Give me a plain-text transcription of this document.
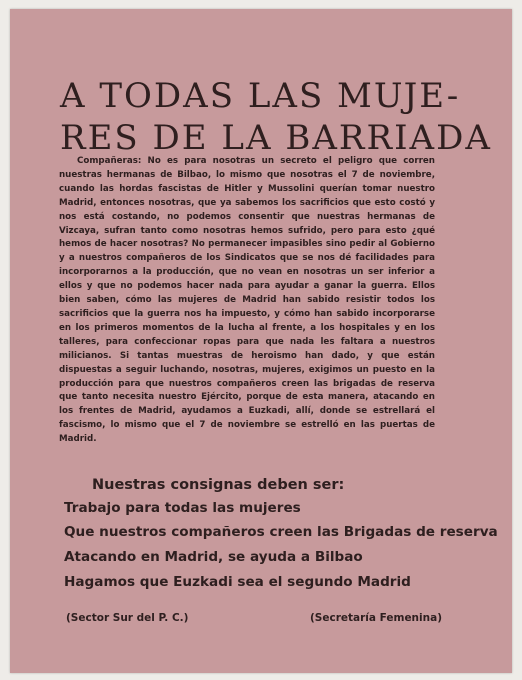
A TODAS LAS MUJE-
RES DE LA BARRIADA

Compañeras: No es para nosotras un secreto el peligro que corren nuestras hermanas de Bilbao, lo mismo que nosotras el 7 de noviembre, cuando las hordas fascistas de Hitler y Mussolini querían tomar nuestro Madrid, entonces nosotras, que ya sabemos los sacrificios que esto costó y nos está costando, no podemos consentir que nuestras hermanas de Vizcaya, sufran tanto como nosotras hemos sufrido, pero para esto ¿qué hemos de hacer nosotras? No permanecer impasibles sino pedir al Gobierno y a nuestros compañeros de los Sindicatos que se nos dé facilidades para incorporarnos a la producción, que no vean en nosotras un ser inferior a ellos y que no podemos hacer nada para ayudar a ganar la guerra. Ellos bien saben, cómo las mujeres de Madrid han sabido resistir todos los sacrificios que la guerra nos ha impuesto, y cómo han sabido incorporarse en los primeros momentos de la lucha al frente, a los hospitales y en los talleres, para confeccionar ropas para que nada les faltara a nuestros milicianos. Si tantas muestras de heroismo han dado, y que están dispuestas a seguir luchando, nosotras, mujeres, exigimos un puesto en la producción para que nuestros compañeros creen las brigadas de reserva que tanto necesita nuestro Ejército, porque de esta manera, atacando en los frentes de Madrid, ayudamos a Euzkadi, allí, donde se estrellará el fascismo, lo mismo que el 7 de noviembre se estrelló en las puertas de Madrid.

Nuestras consignas deben ser:
Trabajo para todas las mujeres
Que nuestros compañeros creen las Brigadas de reserva
Atacando en Madrid, se ayuda a Bilbao
Hagamos que Euzkadi sea el segundo Madrid
(Sector Sur del P. C.)	(Secretaría Femenina)
